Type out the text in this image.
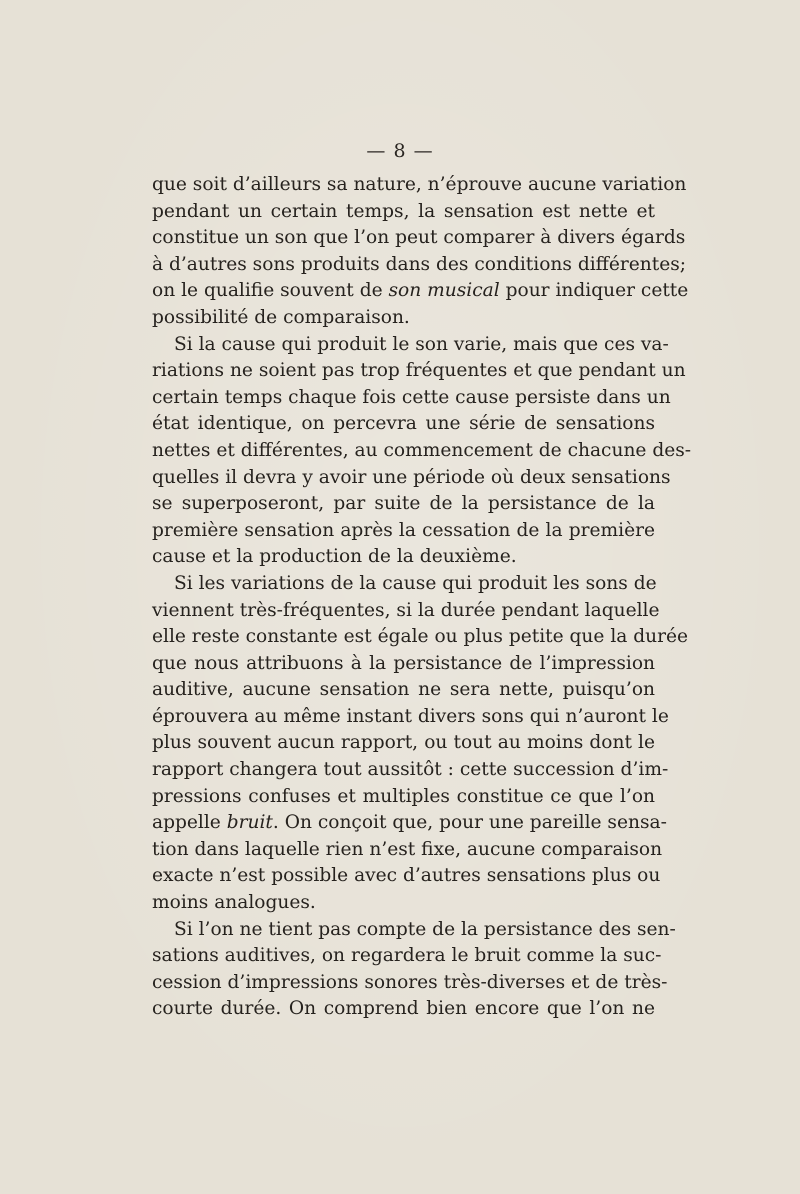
— 8 —
que soit d’ailleurs sa nature, n’éprouve aucune variation
pendant un certain temps, la sensation est nette et
constitue un son que l’on peut comparer à divers égards
à d’autres sons produits dans des conditions différentes;
on le qualifie souvent de son musical pour indiquer cette
possibilité de comparaison.
Si la cause qui produit le son varie, mais que ces va-
riations ne soient pas trop fréquentes et que pendant un
certain temps chaque fois cette cause persiste dans un
état identique, on percevra une série de sensations
nettes et différentes, au commencement de chacune des-
quelles il devra y avoir une période où deux sensations
se superposeront, par suite de la persistance de la
première sensation après la cessation de la première
cause et la production de la deuxième.
Si les variations de la cause qui produit les sons de
viennent très-fréquentes, si la durée pendant laquelle
elle reste constante est égale ou plus petite que la durée
que nous attribuons à la persistance de l’impression
auditive, aucune sensation ne sera nette, puisqu’on
éprouvera au même instant divers sons qui n’auront le
plus souvent aucun rapport, ou tout au moins dont le
rapport changera tout aussitôt : cette succession d’im-
pressions confuses et multiples constitue ce que l’on
appelle bruit. On conçoit que, pour une pareille sensa-
tion dans laquelle rien n’est fixe, aucune comparaison
exacte n’est possible avec d’autres sensations plus ou
moins analogues.
Si l’on ne tient pas compte de la persistance des sen-
sations auditives, on regardera le bruit comme la suc-
cession d’impressions sonores très-diverses et de très-
courte durée. On comprend bien encore que l’on ne
